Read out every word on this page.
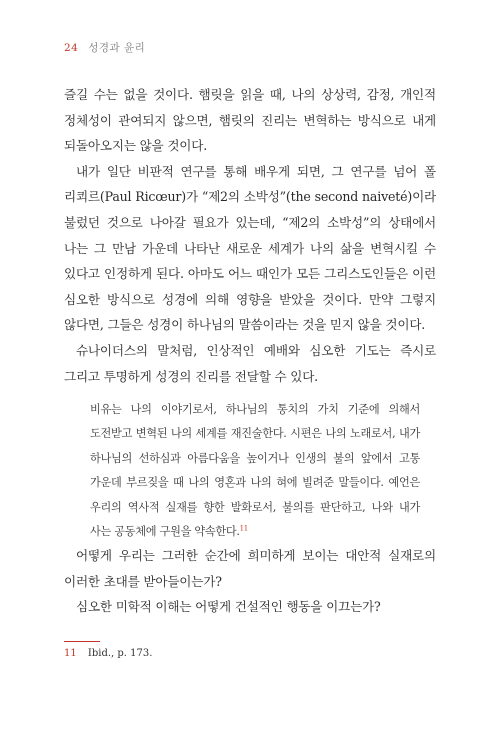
24 성경과 윤리

즐길 수는 없을 것이다. 햄릿을 읽을 때, 나의 상상력, 감정, 개인적 정체성이 관여되지 않으면, 햄릿의 진리는 변혁하는 방식으로 내게 되돌아오지는 않을 것이다.

내가 일단 비판적 연구를 통해 배우게 되면, 그 연구를 넘어 폴 리쾨르(Paul Ricœur)가 “제2의 소박성”(the second naiveté)이라 불렀던 것으로 나아갈 필요가 있는데, “제2의 소박성”의 상태에서 나는 그 만남 가운데 나타난 새로운 세계가 나의 삶을 변혁시킬 수 있다고 인정하게 된다. 아마도 어느 때인가 모든 그리스도인들은 이런 심오한 방식으로 성경에 의해 영향을 받았을 것이다. 만약 그렇지 않다면, 그들은 성경이 하나님의 말씀이라는 것을 믿지 않을 것이다.

슈나이더스의 말처럼, 인상적인 예배와 심오한 기도는 즉시로 그리고 투명하게 성경의 진리를 전달할 수 있다.

비유는 나의 이야기로서, 하나님의 통치의 가치 기준에 의해서 도전받고 변혁된 나의 세계를 재진술한다. 시편은 나의 노래로서, 내가 하나님의 선하심과 아름다움을 높이거나 인생의 불의 앞에서 고통 가운데 부르짖을 때 나의 영혼과 나의 혀에 빌려준 말들이다. 예언은 우리의 역사적 실재를 향한 발화로서, 불의를 판단하고, 나와 내가 사는 공동체에 구원을 약속한다.$^{11}$

어떻게 우리는 그러한 순간에 희미하게 보이는 대안적 실재로의 이러한 초대를 받아들이는가?

심오한 미학적 이해는 어떻게 건설적인 행동을 이끄는가?

11 Ibid., p. 173.
